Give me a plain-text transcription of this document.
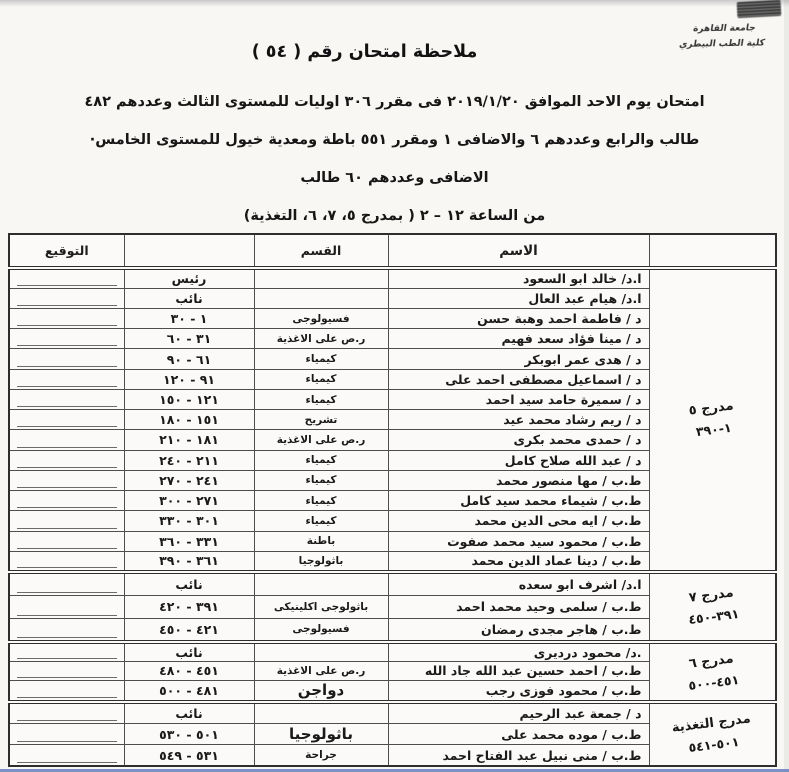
جامعة القاهرة
كلية الطب البيطري
ملاحظة امتحان رقم ( ٥٤ )
امتحان يوم الاحد الموافق ٢٠١٩/١/٢٠ فى مقرر ٣٠٦ اوليات للمستوى الثالث وعددهم ٤٨٢
طالب والرابع وعددهم ٦ والاضافى ١ ومقرر ٥٥١ باطة ومعدية خيول للمستوى الخامس·
الاضافى وعددهم ٦٠ طالب
من الساعة ١٢ – ٢ ( بمدرج ٥، ٧، ٦، التغذية)
	الاسم	القسم		التوقيع

مدرج ٥
١-٣٩٠	ا.د/ خالد ابو السعود		رئيس	

	ا.د/ هيام عبد العال		نائب	

	د / فاطمة احمد وهبة حسن	فسيولوجى	١ - ٣٠	

	د / مينا فؤاد سعد فهيم	ر.ص على الاغذية	٣١ - ٦٠	

	د / هدى عمر ابوبكر	كيمياء	٦١ - ٩٠	

	د / اسماعيل مصطفى احمد على	كيمياء	٩١ - ١٢٠	

	د / سميرة حامد سيد احمد	كيمياء	١٢١ - ١٥٠	

	د / ريم رشاد محمد عيد	تشريح	١٥١ - ١٨٠	

	د / حمدى محمد بكرى	ر.ص على الاغذية	١٨١ - ٢١٠	

	د / عبد الله صلاح كامل	كيمياء	٢١١ - ٢٤٠	

	ط.ب / مها منصور محمد	كيمياء	٢٤١ - ٢٧٠	

	ط.ب / شيماء محمد سيد كامل	كيمياء	٢٧١ - ٣٠٠	

	ط.ب / ايه محى الدين محمد	كيمياء	٣٠١ - ٣٣٠	

	ط.ب / محمود سيد محمد صفوت	باطنة	٣٣١ - ٣٦٠	

	ط.ب / دينا عماد الدين محمد	باثولوجيا	٣٦١ - ٣٩٠	

مدرج ٧
٣٩١-٤٥٠	ا.د/ اشرف ابو سعده		نائب	

	ط.ب / سلمى وحيد محمد احمد	باثولوجى اكلينيكى	٣٩١ - ٤٢٠	

	ط.ب / هاجر مجدى رمضان	فسيولوجى	٤٢١ - ٤٥٠	

مدرج ٦
٤٥١-٥٠٠	.د/ محمود درديرى		نائب	

	ط.ب / احمد حسين عبد الله جاد الله	ر.ص على الاغذية	٤٥١ - ٤٨٠	

	ط.ب / محمود فوزى رجب	دواجن	٤٨١ - ٥٠٠	

مدرج التغذية
٥٠١-٥٤١	د / جمعة عبد الرحيم		نائب	

	ط.ب / موده محمد على	باثولوجيا	٥٠١ - ٥٣٠	

	ط.ب / منى نبيل عبد الفتاح احمد	جراحة	٥٣١ - ٥٤٩	
